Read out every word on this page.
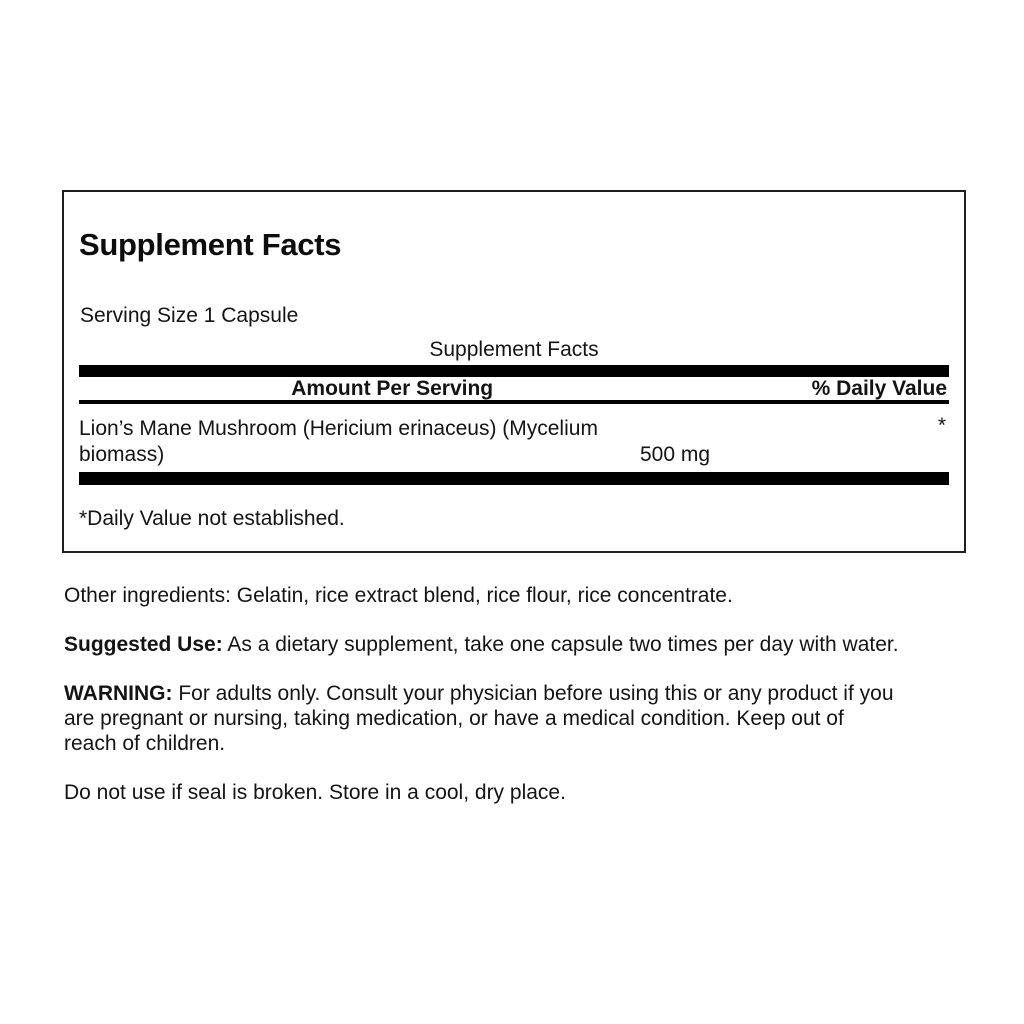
Supplement Facts

Serving Size 1 Capsule

Supplement Facts

Amount Per Serving	% Daily Value
Lion’s Mane Mushroom (Hericium erinaceus) (Mycelium biomass)	500 mg
*

*Daily Value not established.

Other ingredients: Gelatin, rice extract blend, rice flour, rice concentrate.

Suggested Use: As a dietary supplement, take one capsule two times per day with water.

WARNING: For adults only. Consult your physician before using this or any product if you are pregnant or nursing, taking medication, or have a medical condition. Keep out of reach of children.

Do not use if seal is broken. Store in a cool, dry place.
